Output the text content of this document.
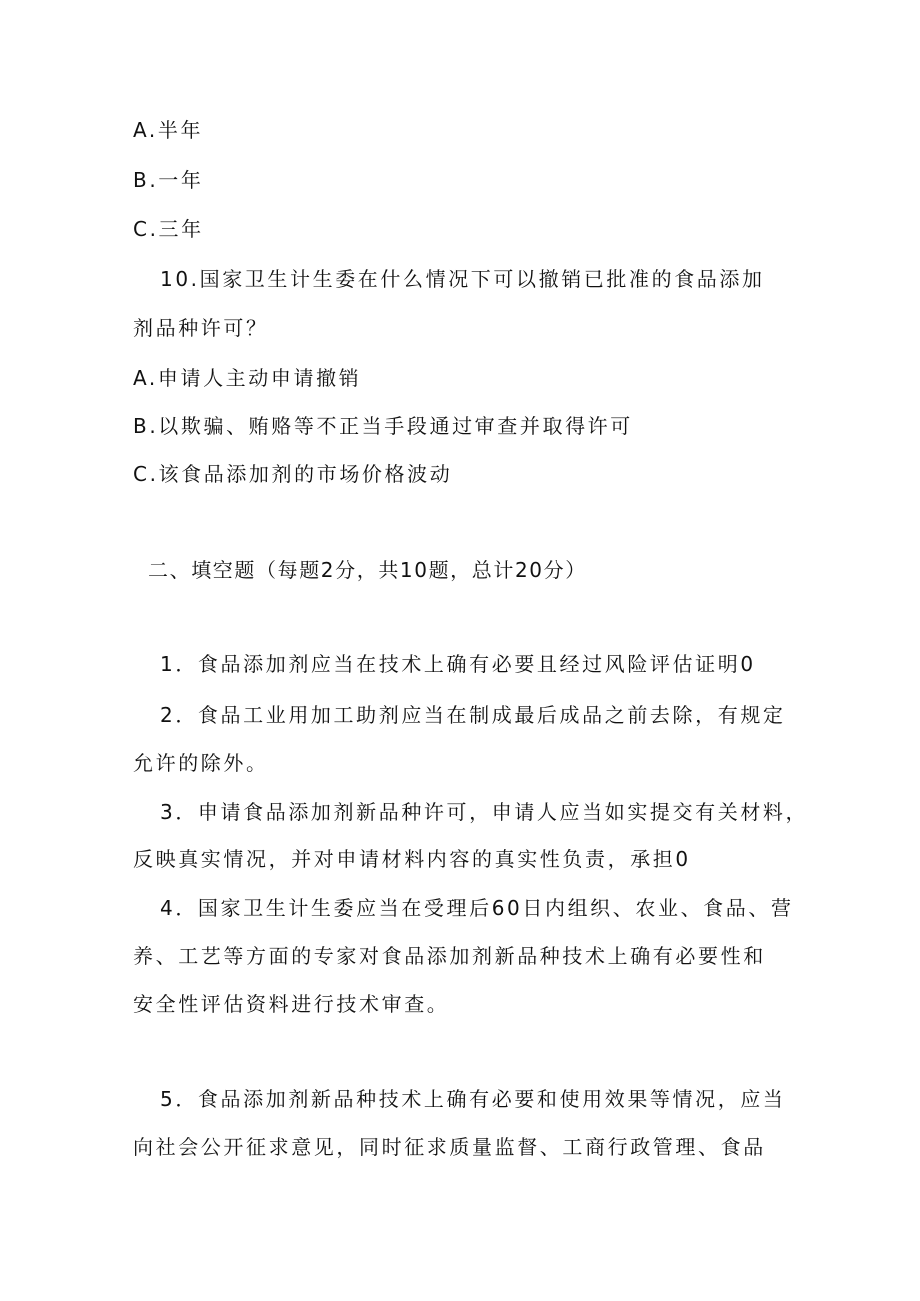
A.半年
B.一年
C.三年
10.国家卫生计生委在什么情况下可以撤销已批准的食品添加
剂品种许可？
A.申请人主动申请撤销
B.以欺骗、贿赂等不正当手段通过审查并取得许可
C.该食品添加剂的市场价格波动
二、填空题（每题2分，共10题，总计20分）
1．食品添加剂应当在技术上确有必要且经过风险评估证明0
2．食品工业用加工助剂应当在制成最后成品之前去除，有规定
允许的除外。
3．申请食品添加剂新品种许可，申请人应当如实提交有关材料，
反映真实情况，并对申请材料内容的真实性负责，承担0
4．国家卫生计生委应当在受理后60日内组织、农业、食品、营
养、工艺等方面的专家对食品添加剂新品种技术上确有必要性和
安全性评估资料进行技术审查。
5．食品添加剂新品种技术上确有必要和使用效果等情况，应当
向社会公开征求意见，同时征求质量监督、工商行政管理、食品
